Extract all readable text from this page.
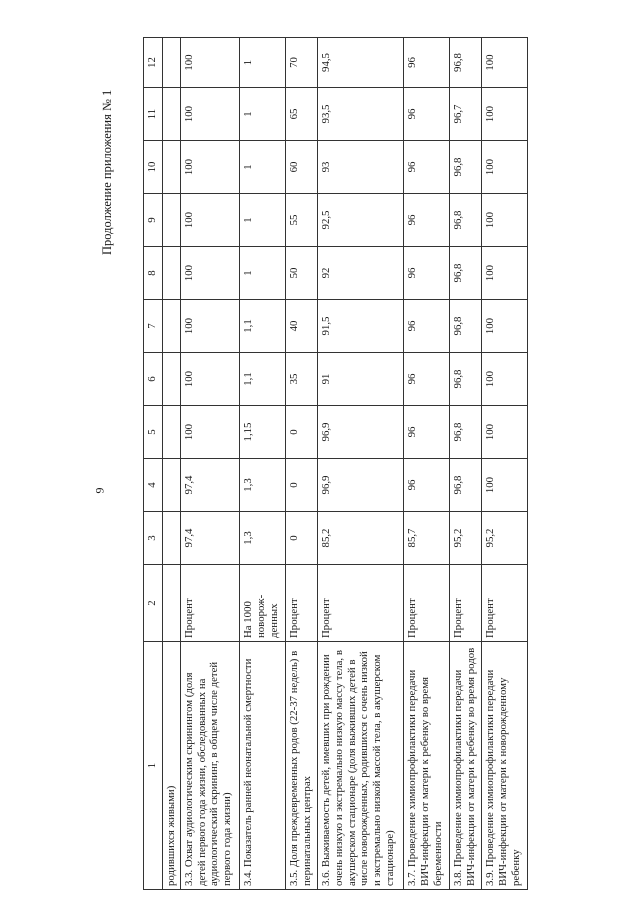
9
Продолжение приложения № 1
1	2	3	4	5	6	7	8	9	10	11	12
родившихся живыми)											
3.3. Охват аудиологическим скринингом (доля детей первого года жизни, обследованных на аудиологический скрининг, в общем числе детей первого года жизни)	Процент	97,4	97,4	100	100	100	100	100	100	100	100
3.4. Показатель ранней неонатальной смертности	На 1000 новорож-денных	1,3	1,3	1,15	1,1	1,1	1	1	1	1	1
3.5. Доля преждевременных родов (22-37 недель) в перинатальных центрах	Процент	0	0	0	35	40	50	55	60	65	70
3.6. Выживаемость детей, имевших при рождении очень низкую и экстремально низкую массу тела, в акушерском стационаре (доля выживших детей в числе новорожденных, родившихся с очень низкой и экстремально низкой массой тела, в акушерском стационаре)	Процент	85,2	96,9	96,9	91	91,5	92	92,5	93	93,5	94,5
3.7. Проведение химиопрофилактики передачи ВИЧ-инфекции от матери к ребенку во время беременности	Процент	85,7	96	96	96	96	96	96	96	96	96
3.8. Проведение химиопрофилактики передачи ВИЧ-инфекции от матери к ребенку во время родов	Процент	95,2	96,8	96,8	96,8	96,8	96,8	96,8	96,8	96,7	96,8
3.9. Проведение химиопрофилактики передачи ВИЧ-инфекции от матери к новорожденному ребенку	Процент	95,2	100	100	100	100	100	100	100	100	100
